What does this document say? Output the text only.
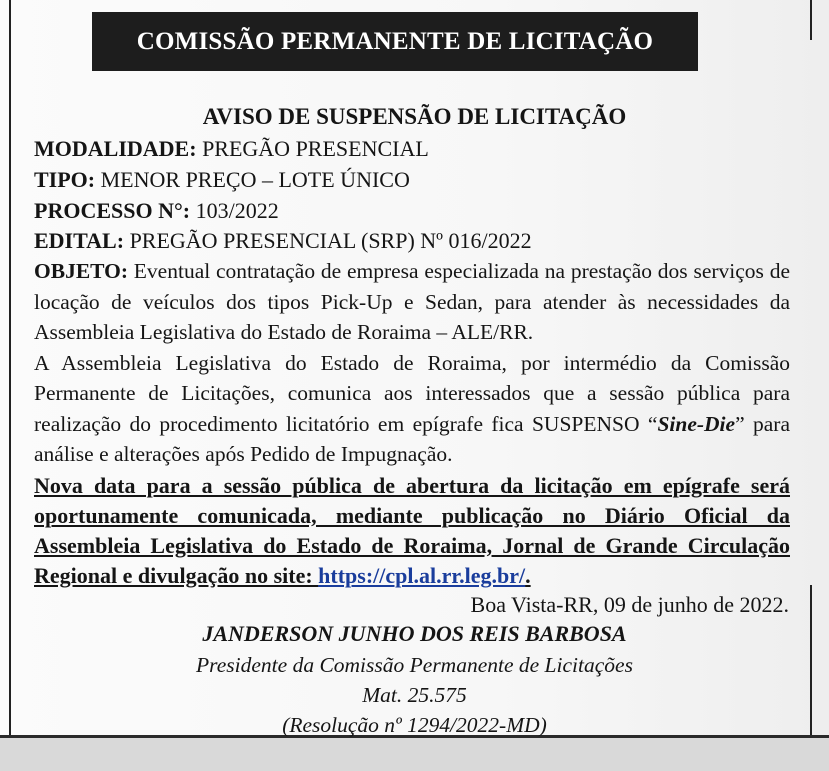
COMISSÃO PERMANENTE DE LICITAÇÃO
AVISO DE SUSPENSÃO DE LICITAÇÃO
MODALIDADE: PREGÃO PRESENCIAL
TIPO: MENOR PREÇO – LOTE ÚNICO
PROCESSO N°: 103/2022
EDITAL: PREGÃO PRESENCIAL (SRP) Nº 016/2022
OBJETO: Eventual contratação de empresa especializada na prestação dos serviços de locação de veículos dos tipos Pick-Up e Sedan, para atender às necessidades da Assembleia Legislativa do Estado de Roraima – ALE/RR.
A Assembleia Legislativa do Estado de Roraima, por intermédio da Comissão Permanente de Licitações, comunica aos interessados que a sessão pública para realização do procedimento licitatório em epígrafe fica SUSPENSO “Sine-Die” para análise e alterações após Pedido de Impugnação.
Nova data para a sessão pública de abertura da licitação em epígrafe será oportunamente comunicada, mediante publicação no Diário Oficial da Assembleia Legislativa do Estado de Roraima, Jornal de Grande Circulação Regional e divulgação no site: https://cpl.al.rr.leg.br/.
Boa Vista-RR, 09 de junho de 2022.
JANDERSON JUNHO DOS REIS BARBOSA
Presidente da Comissão Permanente de Licitações
Mat. 25.575
(Resolução nº 1294/2022-MD)
